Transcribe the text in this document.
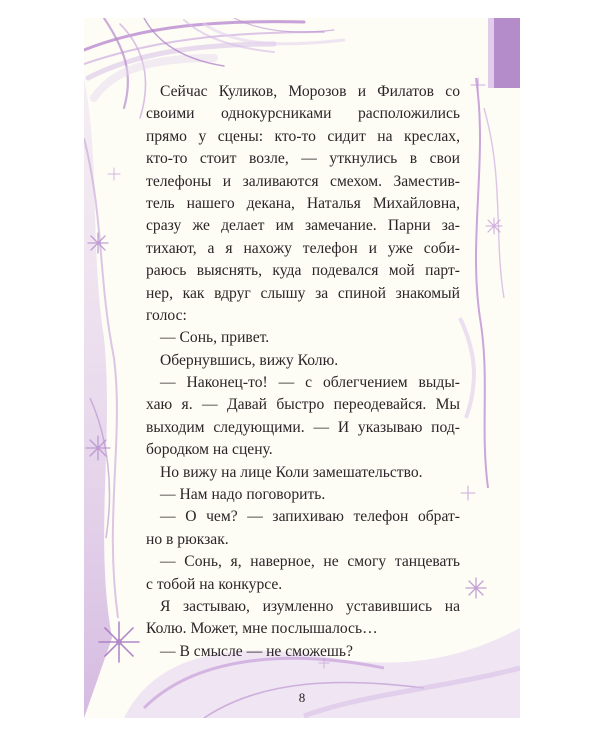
Сейчас Куликов, Морозов и Филатов со
своими однокурсниками расположились
прямо у сцены: кто-то сидит на креслах,
кто-то стоит возле, — уткнулись в свои
телефоны и заливаются смехом. Заместив-
тель нашего декана, Наталья Михайловна,
сразу же делает им замечание. Парни за-
тихают, а я нахожу телефон и уже соби-
раюсь выяснять, куда подевался мой парт-
нер, как вдруг слышу за спиной знакомый
голос:
— Сонь, привет.
Обернувшись, вижу Колю.
— Наконец-то! — с облегчением выды-
хаю я. — Давай быстро переодевайся. Мы
выходим следующими. — И указываю под-
бородком на сцену.
Но вижу на лице Коли замешательство.
— Нам надо поговорить.
— О чем? — запихиваю телефон обрат-
но в рюкзак.
— Сонь, я, наверное, не смогу танцевать
с тобой на конкурсе.
Я застываю, изумленно уставившись на
Колю. Может, мне послышалось…
— В смысле — не сможешь?
8
